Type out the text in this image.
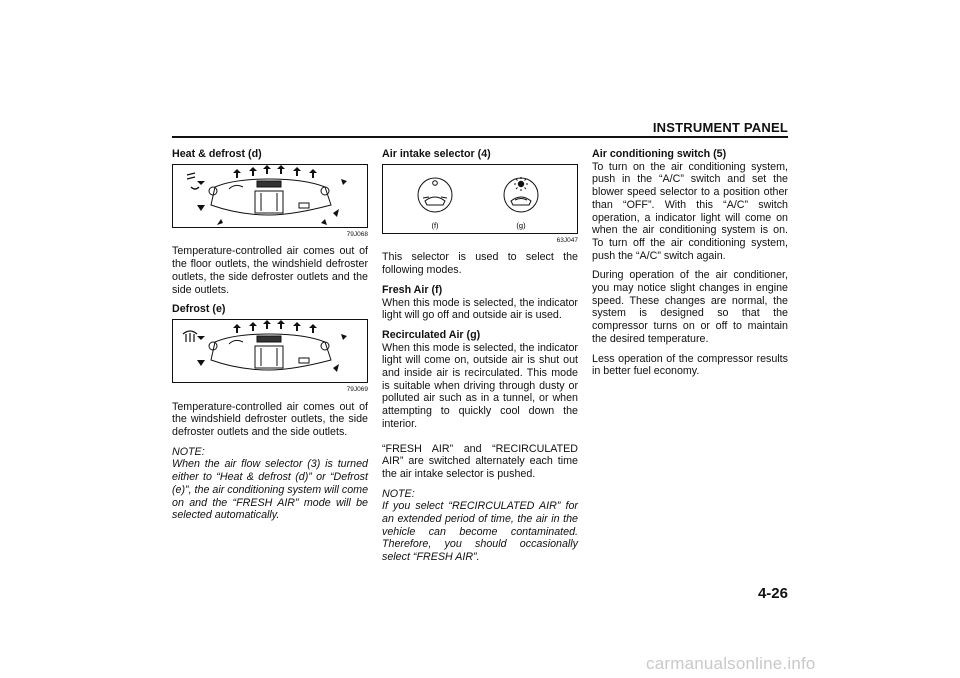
INSTRUMENT PANEL
Heat & defrost (d)
79J068

Temperature-controlled air comes out of the floor outlets, the windshield defroster outlets, the side defroster outlets and the side outlets.

Defrost (e)
79J069

Temperature-controlled air comes out of the windshield defroster outlets, the side defroster outlets and the side outlets.

NOTE:
When the air flow selector (3) is turned either to “Heat & defrost (d)” or “Defrost (e)”, the air conditioning system will come on and the “FRESH AIR” mode will be selected automatically.

Air intake selector (4)
(f)	(g)
63J047

This selector is used to select the following modes.

Fresh Air (f)

When this mode is selected, the indicator light will go off and outside air is used.

Recirculated Air (g)

When this mode is selected, the indicator light will come on, outside air is shut out and inside air is recirculated. This mode is suitable when driving through dusty or polluted air such as in a tunnel, or when attempting to quickly cool down the interior.

“FRESH AIR” and “RECIRCULATED AIR” are switched alternately each time the air intake selector is pushed.

NOTE:
If you select “RECIRCULATED AIR” for an extended period of time, the air in the vehicle can become contaminated. Therefore, you should occasionally select “FRESH AIR”.

Air conditioning switch (5)

To turn on the air conditioning system, push in the “A/C” switch and set the blower speed selector to a position other than “OFF”. With this “A/C” switch operation, a indicator light will come on when the air conditioning system is on. To turn off the air conditioning system, push the “A/C” switch again.

During operation of the air conditioner, you may notice slight changes in engine speed. These changes are normal, the system is designed so that the compressor turns on or off to maintain the desired temperature.

Less operation of the compressor results in better fuel economy.

4-26
carmanualsonline.info
